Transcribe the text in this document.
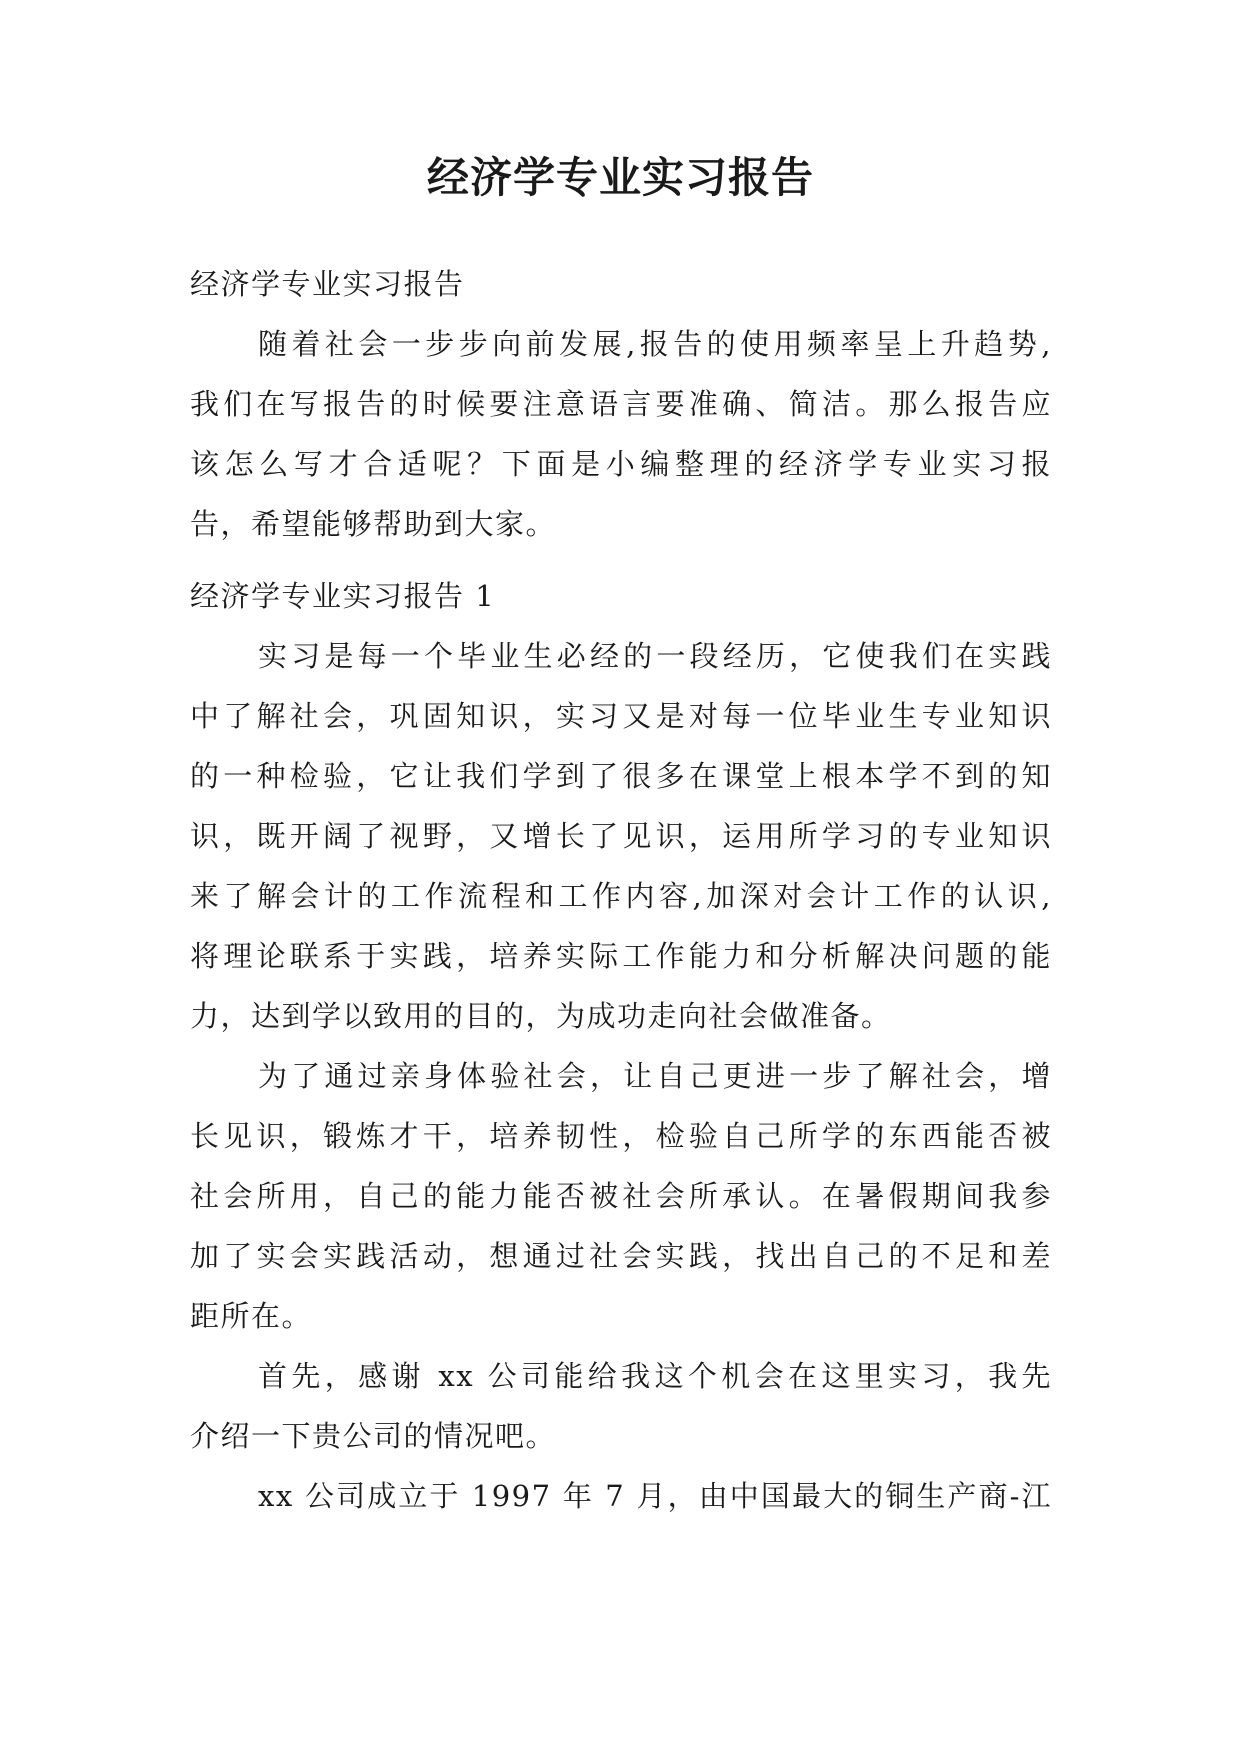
经济学专业实习报告
经济学专业实习报告
随着社会一步步向前发展,报告的使用频率呈上升趋势,
我们在写报告的时候要注意语言要准确、简洁。那么报告应
该怎么写才合适呢？下面是小编整理的经济学专业实习报
告，希望能够帮助到大家。
经济学专业实习报告 1
实习是每一个毕业生必经的一段经历，它使我们在实践
中了解社会，巩固知识，实习又是对每一位毕业生专业知识
的一种检验，它让我们学到了很多在课堂上根本学不到的知
识，既开阔了视野，又增长了见识，运用所学习的专业知识
来了解会计的工作流程和工作内容,加深对会计工作的认识,
将理论联系于实践，培养实际工作能力和分析解决问题的能
力，达到学以致用的目的，为成功走向社会做准备。
为了通过亲身体验社会，让自己更进一步了解社会，增
长见识，锻炼才干，培养韧性，检验自己所学的东西能否被
社会所用，自己的能力能否被社会所承认。在暑假期间我参
加了实会实践活动，想通过社会实践，找出自己的不足和差
距所在。
首先，感谢 xx 公司能给我这个机会在这里实习，我先
介绍一下贵公司的情况吧。
xx 公司成立于 1997 年 7 月，由中国最大的铜生产商-江
